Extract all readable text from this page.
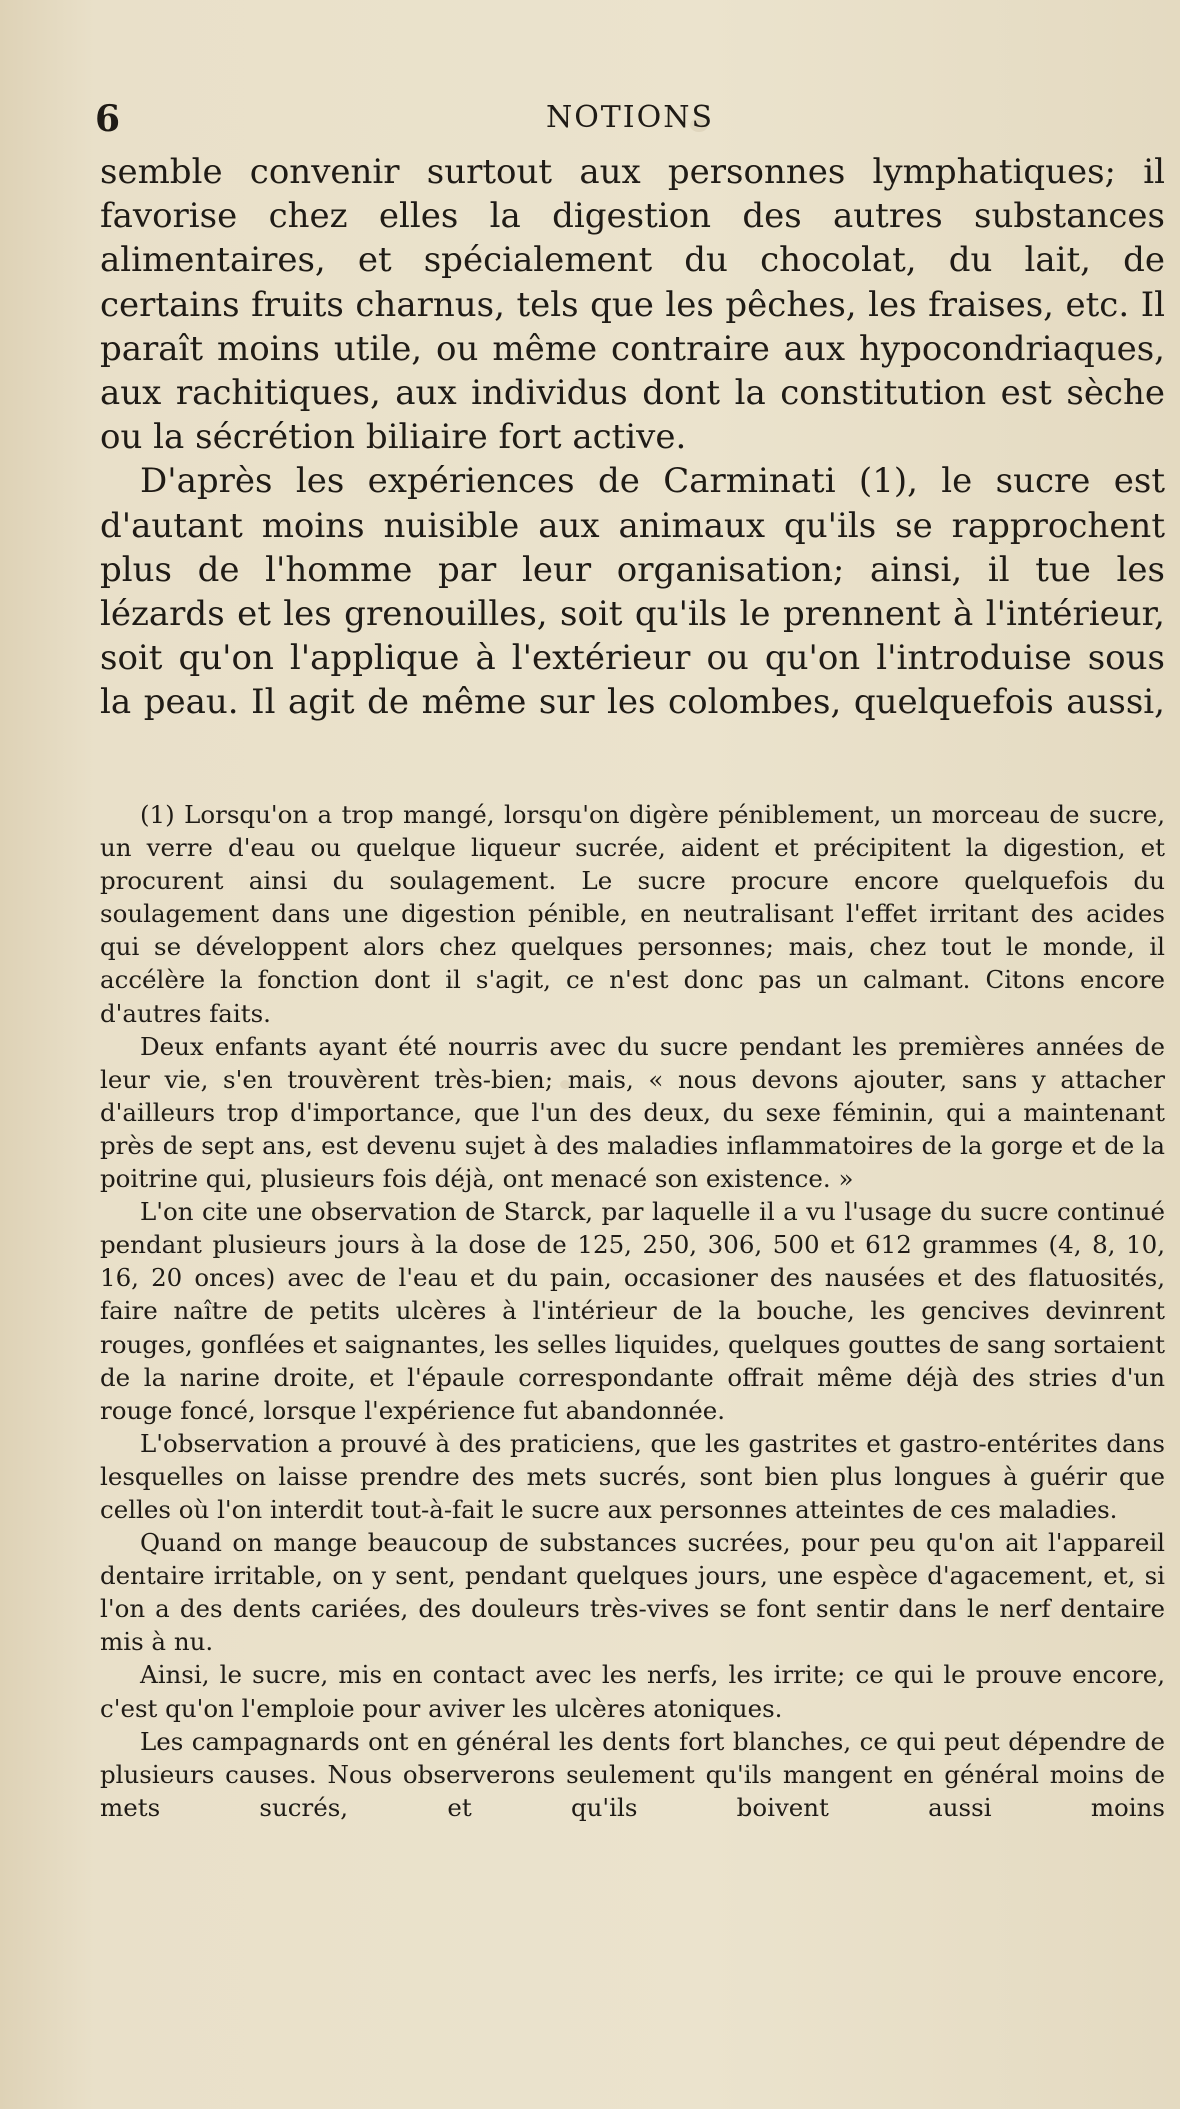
6	NOTIONS

semble convenir surtout aux personnes lymphatiques; il favorise chez elles la digestion des autres substances alimentaires, et spécialement du chocolat, du lait, de certains fruits charnus, tels que les pêches, les fraises, etc. Il paraît moins utile, ou même contraire aux hypocondriaques, aux rachitiques, aux individus dont la constitution est sèche ou la sécrétion biliaire fort active.

D'après les expériences de Carminati (1), le sucre est d'autant moins nuisible aux animaux qu'ils se rapprochent plus de l'homme par leur organisation; ainsi, il tue les lézards et les grenouilles, soit qu'ils le prennent à l'intérieur, soit qu'on l'applique à l'extérieur ou qu'on l'introduise sous la peau. Il agit de même sur les colombes, quelquefois aussi,

(1) Lorsqu'on a trop mangé, lorsqu'on digère péniblement, un morceau de sucre, un verre d'eau ou quelque liqueur sucrée, aident et précipitent la digestion, et procurent ainsi du soulagement. Le sucre procure encore quelquefois du soulagement dans une digestion pénible, en neutralisant l'effet irritant des acides qui se développent alors chez quelques personnes; mais, chez tout le monde, il accélère la fonction dont il s'agit, ce n'est donc pas un calmant. Citons encore d'autres faits.

Deux enfants ayant été nourris avec du sucre pendant les premières années de leur vie, s'en trouvèrent très-bien; mais, « nous devons ajouter, sans y attacher d'ailleurs trop d'importance, que l'un des deux, du sexe féminin, qui a maintenant près de sept ans, est devenu sujet à des maladies inflammatoires de la gorge et de la poitrine qui, plusieurs fois déjà, ont menacé son existence. »

L'on cite une observation de Starck, par laquelle il a vu l'usage du sucre continué pendant plusieurs jours à la dose de 125, 250, 306, 500 et 612 grammes (4, 8, 10, 16, 20 onces) avec de l'eau et du pain, occasioner des nausées et des flatuosités, faire naître de petits ulcères à l'intérieur de la bouche, les gencives devinrent rouges, gonflées et saignantes, les selles liquides, quelques gouttes de sang sortaient de la narine droite, et l'épaule correspondante offrait même déjà des stries d'un rouge foncé, lorsque l'expérience fut abandonnée.

L'observation a prouvé à des praticiens, que les gastrites et gastro-entérites dans lesquelles on laisse prendre des mets sucrés, sont bien plus longues à guérir que celles où l'on interdit tout-à-fait le sucre aux personnes atteintes de ces maladies.

Quand on mange beaucoup de substances sucrées, pour peu qu'on ait l'appareil dentaire irritable, on y sent, pendant quelques jours, une espèce d'agacement, et, si l'on a des dents cariées, des douleurs très-vives se font sentir dans le nerf dentaire mis à nu.

Ainsi, le sucre, mis en contact avec les nerfs, les irrite; ce qui le prouve encore, c'est qu'on l'emploie pour aviver les ulcères atoniques.

Les campagnards ont en général les dents fort blanches, ce qui peut dépendre de plusieurs causes. Nous observerons seulement qu'ils mangent en général moins de mets sucrés, et qu'ils boivent aussi moins
